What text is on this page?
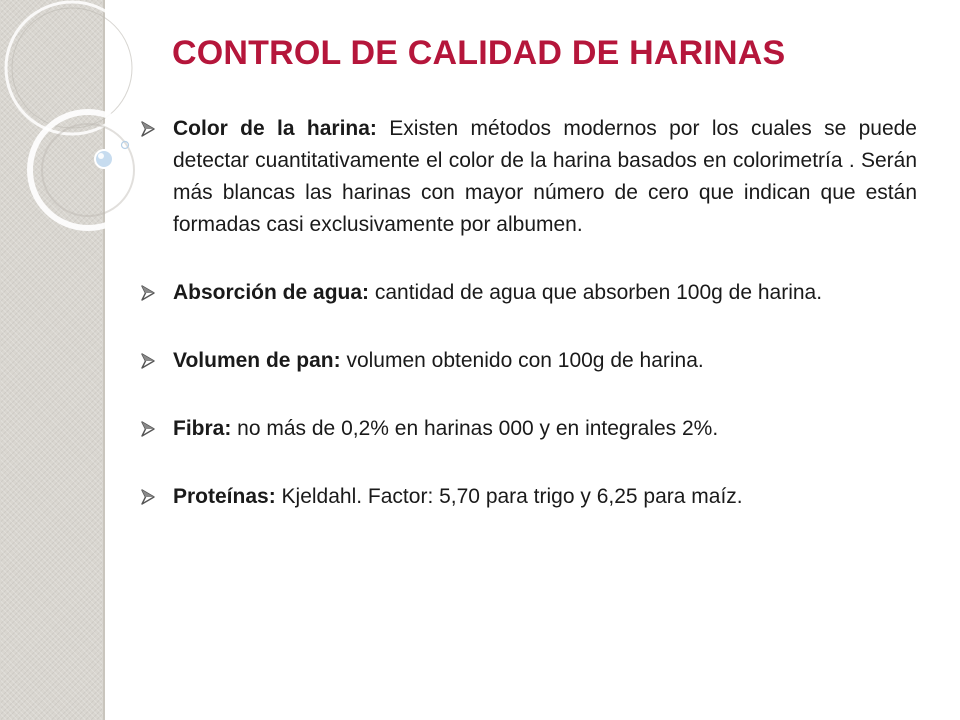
CONTROL DE CALIDAD DE HARINAS
Color de la harina: Existen métodos modernos por los cuales se puede detectar cuantitativamente el color de la harina basados en colorimetría . Serán más blancas las harinas con mayor número de cero que indican que están formadas casi exclusivamente por albumen.
Absorción de agua: cantidad de agua que absorben 100g de harina.
Volumen de pan: volumen obtenido con 100g de harina.
Fibra: no más de 0,2% en harinas 000 y en integrales 2%.
Proteínas: Kjeldahl. Factor: 5,70 para trigo y 6,25 para maíz.
